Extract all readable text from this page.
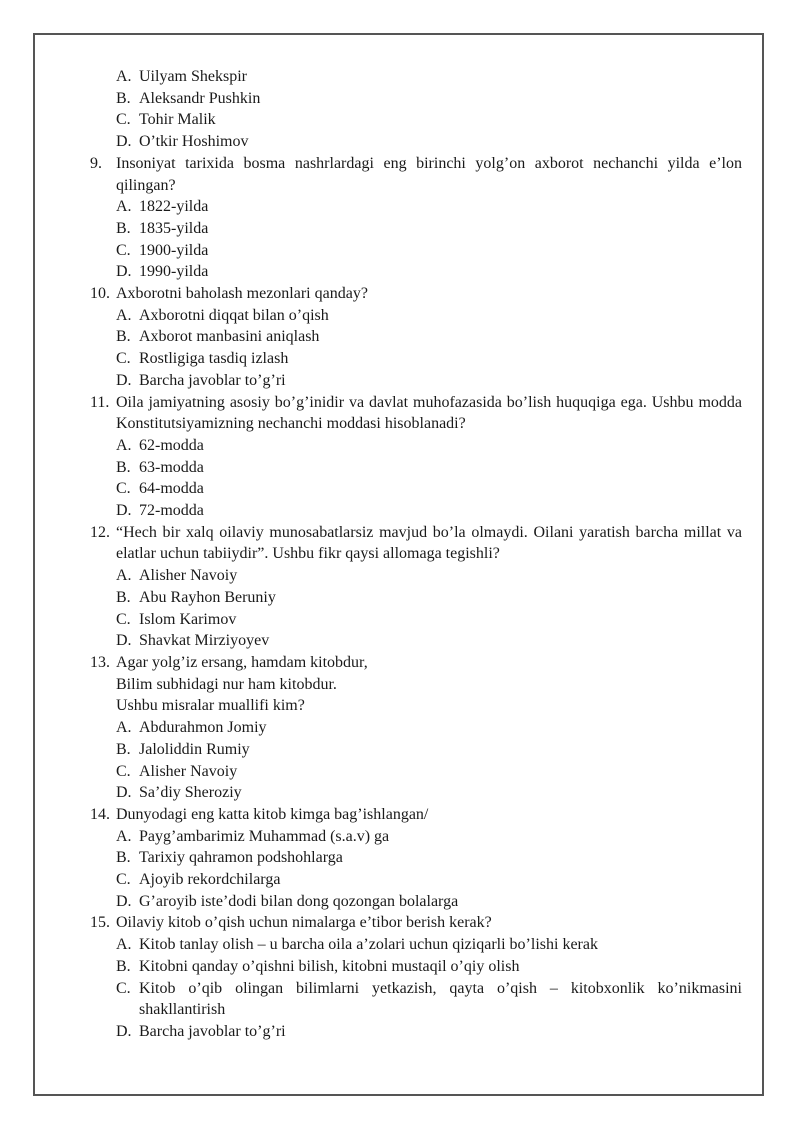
A. Uilyam Shekspir
B. Aleksandr Pushkin
C. Tohir Malik
D. O’tkir Hoshimov
9. Insoniyat tarixida bosma nashrlardagi eng birinchi yolg’on axborot nechanchi yilda e’lon qilingan?
A. 1822-yilda
B. 1835-yilda
C. 1900-yilda
D. 1990-yilda
10. Axborotni baholash mezonlari qanday?
A. Axborotni diqqat bilan o’qish
B. Axborot manbasini aniqlash
C. Rostligiga tasdiq izlash
D. Barcha javoblar to’g’ri
11. Oila jamiyatning asosiy bo’g’inidir va davlat muhofazasida bo’lish huquqiga ega. Ushbu modda Konstitutsiyamizning nechanchi moddasi hisoblanadi?
A. 62-modda
B. 63-modda
C. 64-modda
D. 72-modda
12. “Hech bir xalq oilaviy munosabatlarsiz mavjud bo’la olmaydi. Oilani yaratish barcha millat va elatlar uchun tabiiydir”. Ushbu fikr qaysi allomaga tegishli?
A. Alisher Navoiy
B. Abu Rayhon Beruniy
C. Islom Karimov
D. Shavkat Mirziyoyev
13. Agar yolg’iz ersang, hamdam kitobdur,
Bilim subhidagi nur ham kitobdur.
Ushbu misralar muallifi kim?
A. Abdurahmon Jomiy
B. Jaloliddin Rumiy
C. Alisher Navoiy
D. Sa’diy Sheroziy
14. Dunyodagi eng katta kitob kimga bag’ishlangan/
A. Payg’ambarimiz Muhammad (s.a.v) ga
B. Tarixiy qahramon podshohlarga
C. Ajoyib rekordchilarga
D. G’aroyib iste’dodi bilan dong qozongan bolalarga
15. Oilaviy kitob o’qish uchun nimalarga e’tibor berish kerak?
A. Kitob tanlay olish – u barcha oila a’zolari uchun qiziqarli bo’lishi kerak
B. Kitobni qanday o’qishni bilish, kitobni mustaqil o’qiy olish
C. Kitob o’qib olingan bilimlarni yetkazish, qayta o’qish – kitobxonlik ko’nikmasini shakllantirish
D. Barcha javoblar to’g’ri
